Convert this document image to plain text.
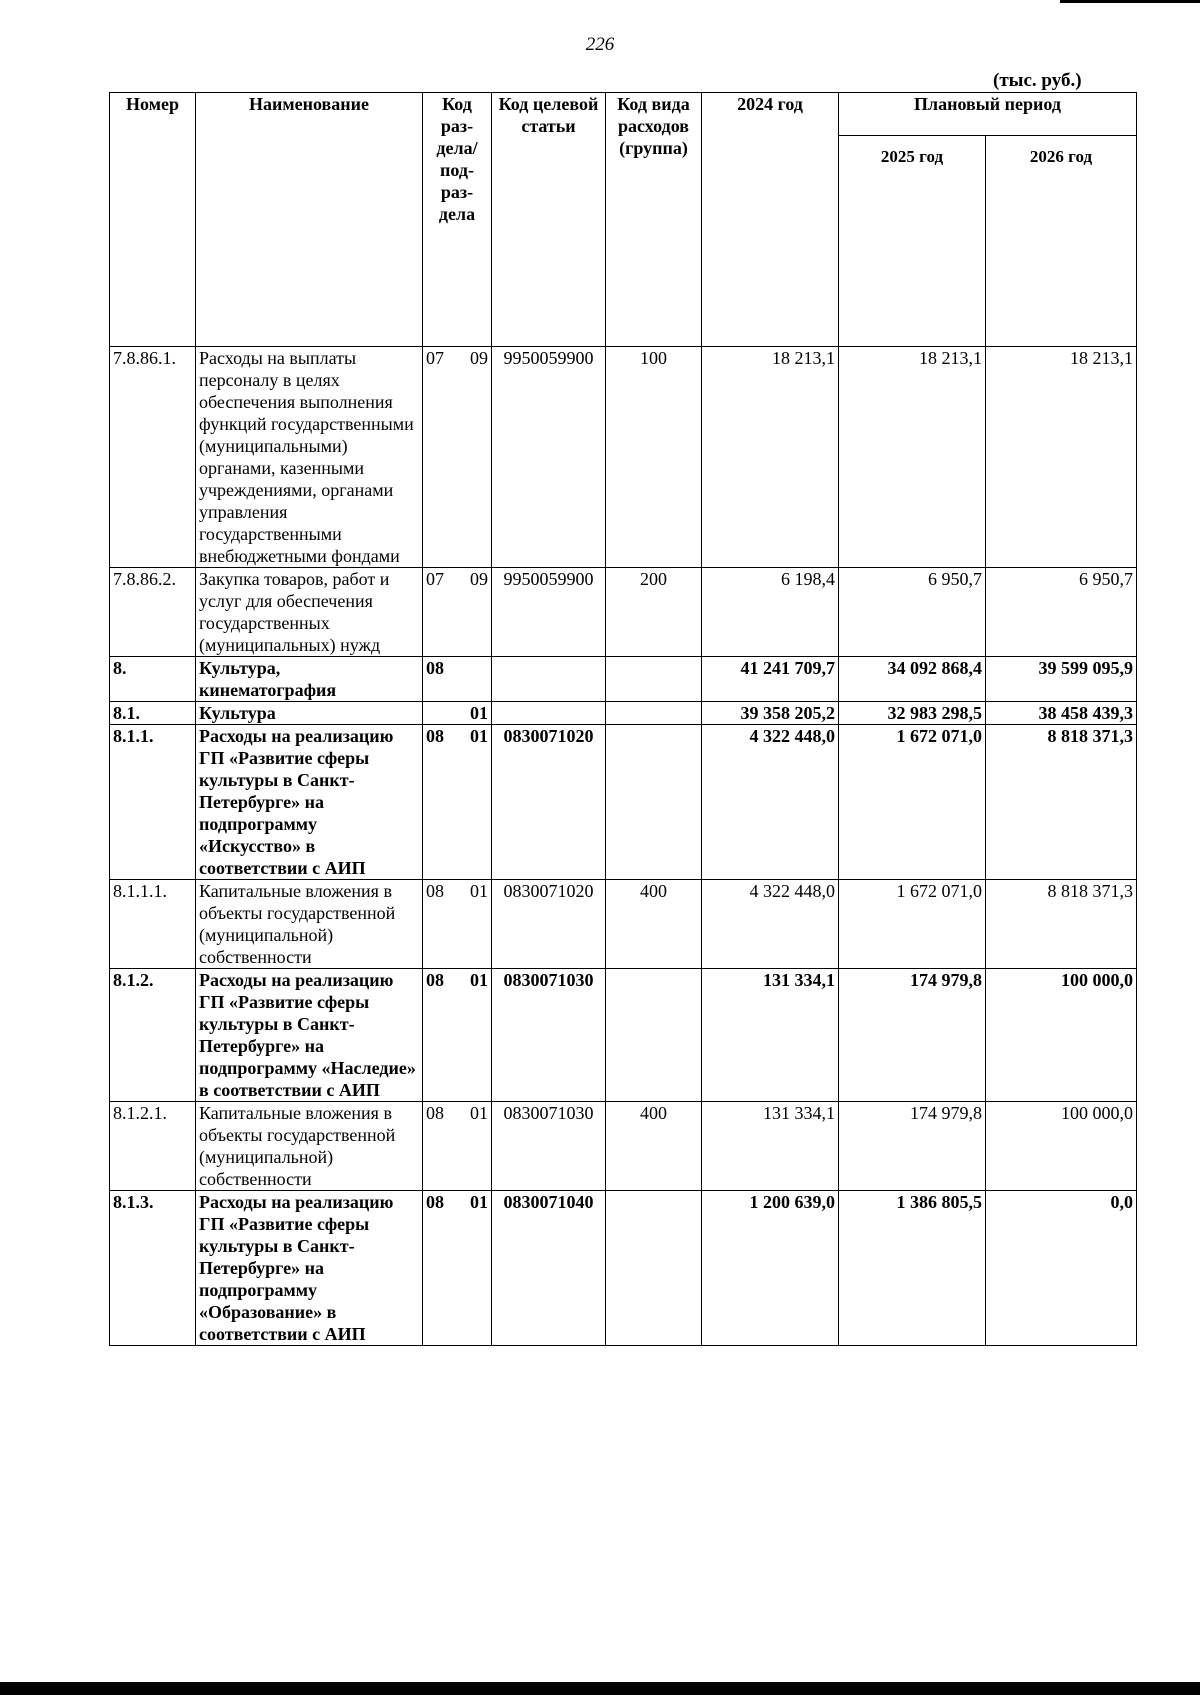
226
(тыс. руб.)
Номер	Наименование	Код раз-дела/ под-раз-дела	Код целевой статьи	Код вида расходов (группа)	2024 год	Плановый период	
						2025 год	2026 год
7.8.86.1.	Расходы на выплаты персоналу в целях обеспечения выполнения функций государственными (муниципальными) органами, казенными учреждениями, органами управления государственными внебюджетными фондами	07 09	9950059900	100	18 213,1	18 213,1	18 213,1
7.8.86.2.	Закупка товаров, работ и услуг для обеспечения государственных (муниципальных) нужд	07 09	9950059900	200	6 198,4	6 950,7	6 950,7
8.	Культура, кинематография	08			41 241 709,7	34 092 868,4	39 599 095,9
8.1.	Культура	01			39 358 205,2	32 983 298,5	38 458 439,3
8.1.1.	Расходы на реализацию ГП «Развитие сферы культуры в Санкт-Петербурге» на подпрограмму «Искусство» в соответствии с АИП	08 01	0830071020		4 322 448,0	1 672 071,0	8 818 371,3
8.1.1.1.	Капитальные вложения в объекты государственной (муниципальной) собственности	08 01	0830071020	400	4 322 448,0	1 672 071,0	8 818 371,3
8.1.2.	Расходы на реализацию ГП «Развитие сферы культуры в Санкт-Петербурге» на подпрограмму «Наследие» в соответствии с АИП	08 01	0830071030		131 334,1	174 979,8	100 000,0
8.1.2.1.	Капитальные вложения в объекты государственной (муниципальной) собственности	08 01	0830071030	400	131 334,1	174 979,8	100 000,0
8.1.3.	Расходы на реализацию ГП «Развитие сферы культуры в Санкт-Петербурге» на подпрограмму «Образование» в соответствии с АИП	08 01	0830071040		1 200 639,0	1 386 805,5	0,0
